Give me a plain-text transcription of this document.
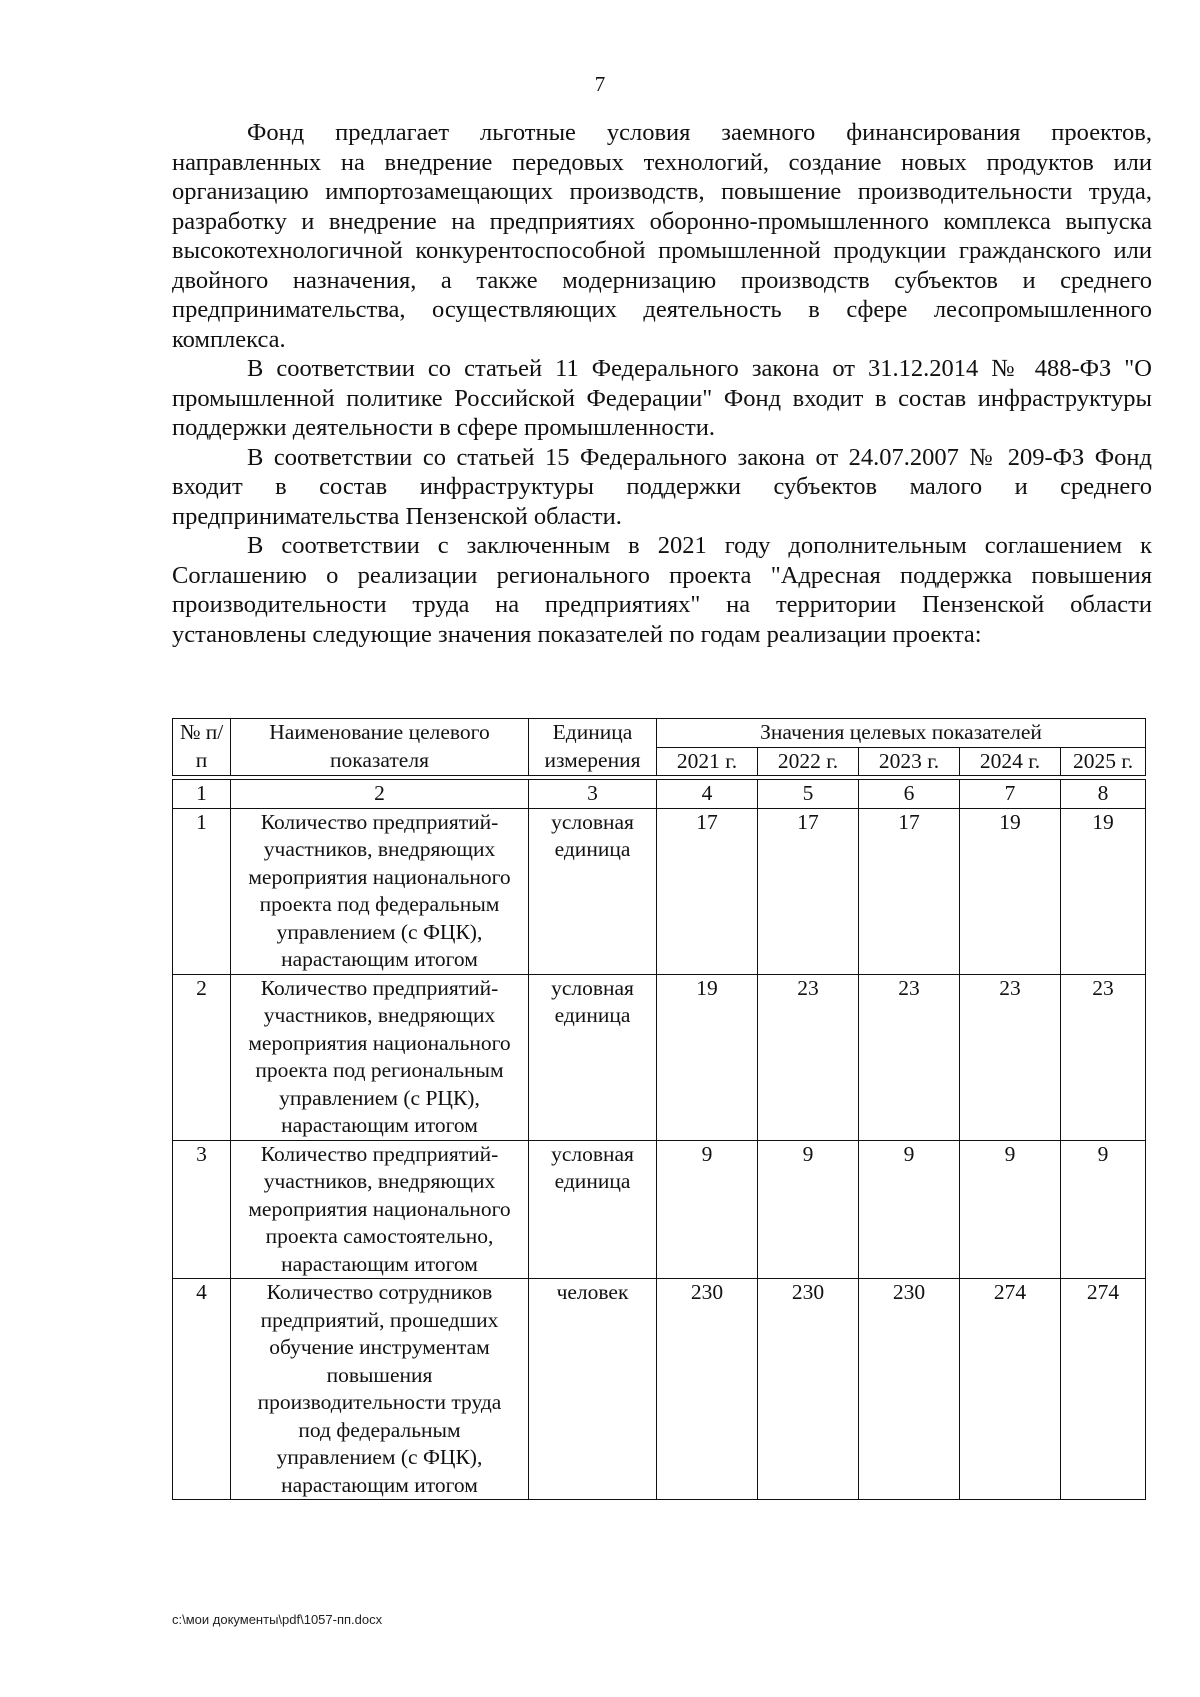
7

Фонд предлагает льготные условия заемного финансирования проектов, направленных на внедрение передовых технологий, создание новых продуктов или организацию импортозамещающих производств, повышение производительности труда, разработку и внедрение на предприятиях оборонно-промышленного комплекса выпуска высокотехнологичной конкурентоспособной промышленной продукции гражданского или двойного назначения, а также модернизацию производств субъектов и среднего предпринимательства, осуществляющих деятельность в сфере лесопромышленного комплекса.

В соответствии со статьей 11 Федерального закона от 31.12.2014 № 488-ФЗ "О промышленной политике Российской Федерации" Фонд входит в состав инфраструктуры поддержки деятельности в сфере промышленности.

В соответствии со статьей 15 Федерального закона от 24.07.2007 № 209-ФЗ Фонд входит в состав инфраструктуры поддержки субъектов малого и среднего предпринимательства Пензенской области.

В соответствии с заключенным в 2021 году дополнительным соглашением к Соглашению о реализации регионального проекта "Адресная поддержка повышения производительности труда на предприятиях" на территории Пензенской области установлены следующие значения показателей по годам реализации проекта:

№ п/п	Наименование целевого показателя	Единица измерения	Значения целевых показателей				
			2021 г.	2022 г.	2023 г.	2024 г.	2025 г.

1	2	3	4	5	6	7	8
1	Количество предприятий-участников, внедряющих мероприятия национального проекта под федеральным управлением (с ФЦК), нарастающим итогом	условная единица	17	17	17	19	19
2	Количество предприятий-участников, внедряющих мероприятия национального проекта под региональным управлением (с РЦК), нарастающим итогом	условная единица	19	23	23	23	23
3	Количество предприятий-участников, внедряющих мероприятия национального проекта самостоятельно, нарастающим итогом	условная единица	9	9	9	9	9
4	Количество сотрудников предприятий, прошедших обучение инструментам повышения производительности труда под федеральным управлением (с ФЦК), нарастающим итогом	человек	230	230	230	274	274
c:\мои документы\pdf\1057-пп.docx
